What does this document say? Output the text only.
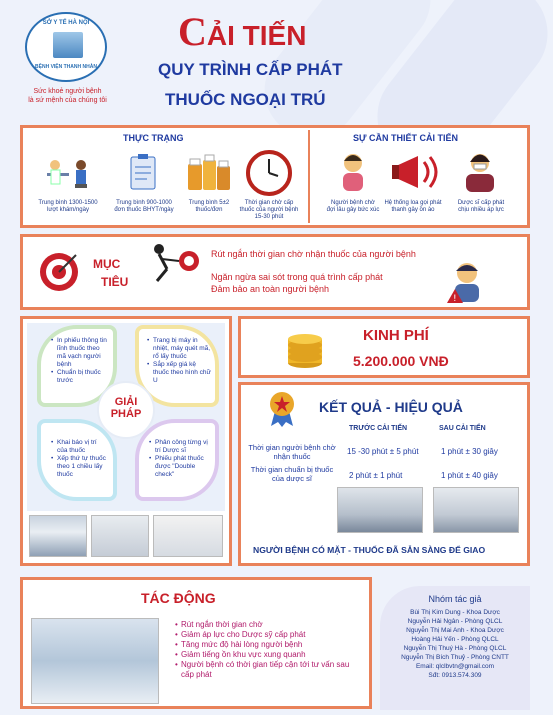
SỞ Y TẾ HÀ NỘI
BỆNH VIỆN THANH NHÀN
Sức khoẻ người bệnh
là sứ mệnh của chúng tôi
CẢI TIẾN
QUY TRÌNH CẤP PHÁT
THUỐC NGOẠI TRÚ
THỰC TRẠNG	SỰ CẦN THIẾT CẢI TIẾN
Trung bình 1300-1500 lượt khám/ngày
Trung bình 900-1000 đơn thuốc BHYT/ngày
Trung bình 5±2 thuốc/đơn
Thời gian chờ cấp thuốc của người bệnh 15-30 phút
Người bệnh chờ đợi lâu gây bức xúc
Hệ thống loa gọi phát thanh gây ồn ào
Dược sĩ cấp phát chịu nhiều áp lực
MỤC
TIÊU
Rút ngắn thời gian chờ nhận thuốc của người bệnh
Ngăn ngừa sai sót trong quá trình cấp phát
Đảm bảo an toàn người bệnh
!
• In phiếu thông tin lĩnh thuốc theo mã vạch người bệnh
• Chuẩn bị thuốc trước
• Trang bị máy in nhiệt, máy quét mã, rổ lấy thuốc
• Sắp xếp giá kệ thuốc theo hình chữ U
• Khai báo vị trí của thuốc
• Xếp thứ tự thuốc theo 1 chiều lấy thuốc
• Phân công từng vị trí Dược sĩ
• Phiếu phát thuốc được "Double check"
GIẢI
PHÁP
KINH PHÍ
5.200.000 VNĐ
KẾT QUẢ - HIỆU QUẢ
TRƯỚC CẢI TIẾN	SAU CẢI TIẾN
Thời gian người bệnh chờ nhận thuốc
15 -30 phút ± 5 phút	1 phút ± 30 giây
Thời gian chuẩn bị thuốc của dược sĩ	2 phút ± 1 phút	1 phút ± 40 giây
NGƯỜI BỆNH CÓ MẶT - THUỐC ĐÃ SẴN SÀNG ĐỂ GIAO
TÁC ĐỘNG
• Rút ngắn thời gian chờ
• Giảm áp lực cho Dược sỹ cấp phát
• Tăng mức độ hài lòng người bệnh
• Giảm tiếng ồn khu vực xung quanh
• Người bệnh có thời gian tiếp cận tới tư vấn sau cấp phát
Nhóm tác giả
Bùi Thị Kim Dung - Khoa Dược
Nguyễn Hải Ngân - Phòng QLCL
Nguyễn Thị Mai Anh - Khoa Dược
Hoàng Hải Yến - Phòng QLCL
Nguyễn Thị Thuý Hà - Phòng QLCL
Nguyễn Thị Bích Thuỷ - Phòng CNTT
Email: qlclbvtn@gmail.com
Sđt: 0913.574.309
